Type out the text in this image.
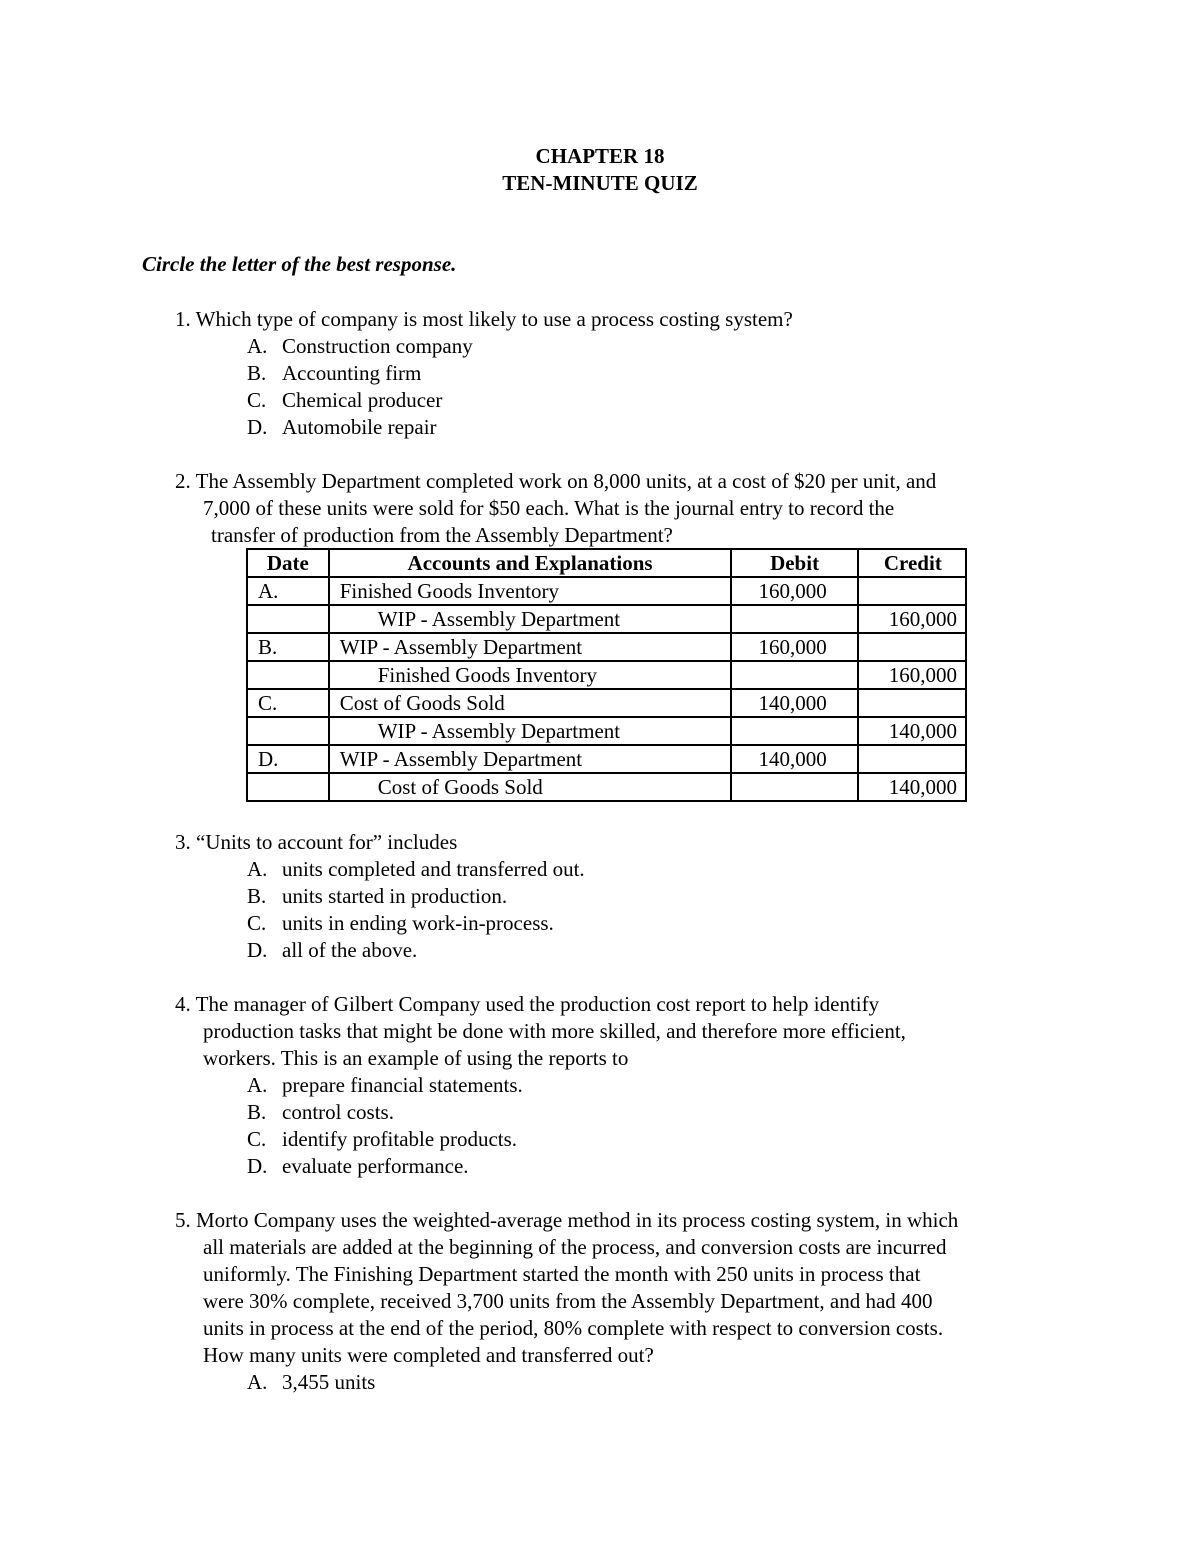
CHAPTER 18
TEN-MINUTE QUIZ
Circle the letter of the best response.
1. Which type of company is most likely to use a process costing system?
A. Construction company
B. Accounting firm
C. Chemical producer
D. Automobile repair
2. The Assembly Department completed work on 8,000 units, at a cost of $20 per unit, and
7,000 of these units were sold for $50 each. What is the journal entry to record the
transfer of production from the Assembly Department?
Date	Accounts and Explanations	Debit	Credit
A.	Finished Goods Inventory	160,000	
	WIP - Assembly Department		160,000
B.	WIP - Assembly Department	160,000	
	Finished Goods Inventory		160,000
C.	Cost of Goods Sold	140,000	
	WIP - Assembly Department		140,000
D.	WIP - Assembly Department	140,000	
	Cost of Goods Sold		140,000
3. “Units to account for” includes
A. units completed and transferred out.
B. units started in production.
C. units in ending work-in-process.
D. all of the above.
4. The manager of Gilbert Company used the production cost report to help identify
production tasks that might be done with more skilled, and therefore more efficient,
workers. This is an example of using the reports to
A. prepare financial statements.
B. control costs.
C. identify profitable products.
D. evaluate performance.
5. Morto Company uses the weighted-average method in its process costing system, in which
all materials are added at the beginning of the process, and conversion costs are incurred
uniformly. The Finishing Department started the month with 250 units in process that
were 30% complete, received 3,700 units from the Assembly Department, and had 400
units in process at the end of the period, 80% complete with respect to conversion costs.
How many units were completed and transferred out?
A. 3,455 units
